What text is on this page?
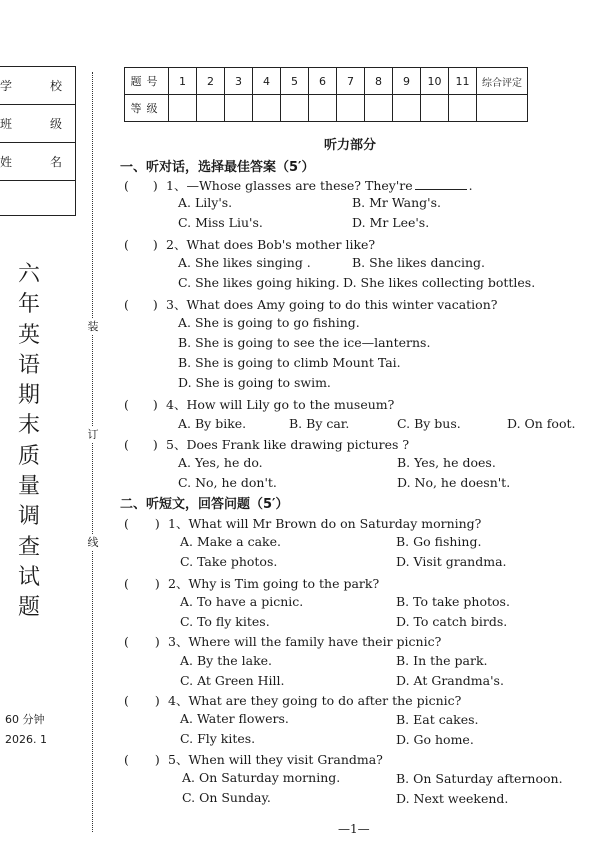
学	校
班	级
姓	名
六
年
英
语
期
末
质
量
调
查
试
题
60 分钟
2026. 1
装
订
线
题号	1	2	3	4	5	6	7	8	9	10	11	综合评定
等级												
听力部分
一、听对话，选择最佳答案（5′）
( ) 1、—Whose glasses are these? They're	.
A. Lily's.	B. Mr Wang's.
C. Miss Liu's.	D. Mr Lee's.
( ) 2、What does Bob's mother like?
A. She likes singing .	B. She likes dancing.
C. She likes going hiking. D. She likes collecting bottles.
( ) 3、What does Amy going to do this winter vacation?
A. She is going to go fishing.
B. She is going to see the ice—lanterns.
B. She is going to climb Mount Tai.
D. She is going to swim.
( ) 4、How will Lily go to the museum?
A. By bike.	B. By car.	C. By bus.	D. On foot.
( ) 5、Does Frank like drawing pictures ?
A. Yes, he do.	B. Yes, he does.
C. No, he don't.	D. No, he doesn't.
二、听短文，回答问题（5′）
( ) 1、What will Mr Brown do on Saturday morning?
A. Make a cake.	B. Go fishing.
C. Take photos.	D. Visit grandma.
( ) 2、Why is Tim going to the park?
A. To have a picnic.	B. To take photos.
C. To fly kites.	D. To catch birds.
( ) 3、Where will the family have their picnic?
A. By the lake.	B. In the park.
C. At Green Hill.	D. At Grandma's.
( ) 4、What are they going to do after the picnic?
A. Water flowers.	B. Eat cakes.
C. Fly kites.	D. Go home.
( ) 5、When will they visit Grandma?
A. On Saturday morning.	B. On Saturday afternoon.
C. On Sunday.	D. Next weekend.
—1—
